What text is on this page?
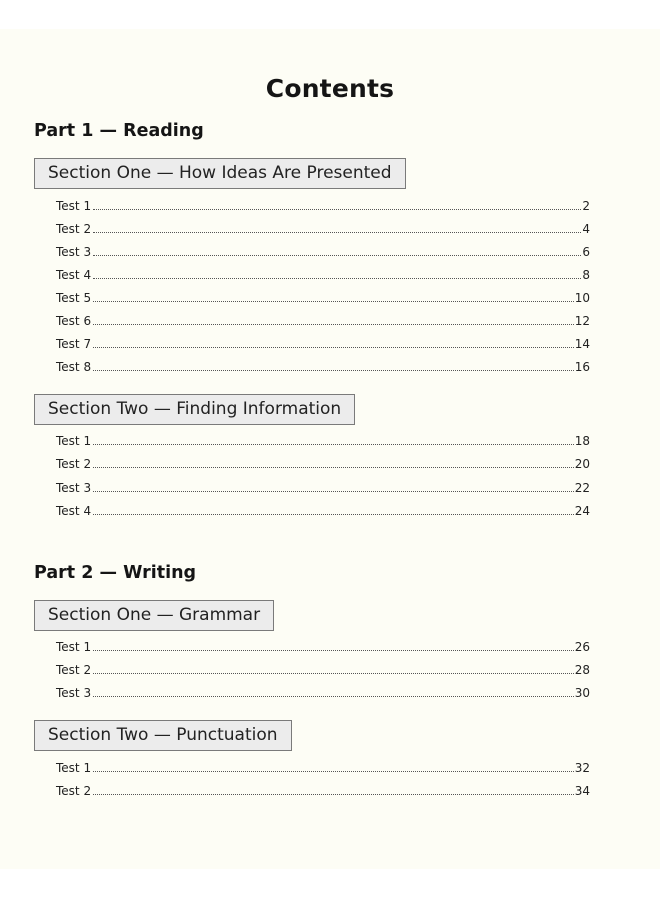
Contents
Part 1 — Reading
Section One — How Ideas Are Presented
Test 1	2
Test 2	4
Test 3	6
Test 4	8
Test 5	10
Test 6	12
Test 7	14
Test 8	16
Section Two — Finding Information
Test 1	18
Test 2	20
Test 3	22
Test 4	24
Part 2 — Writing
Section One — Grammar
Test 1	26
Test 2	28
Test 3	30
Section Two — Punctuation
Test 1	32
Test 2	34
